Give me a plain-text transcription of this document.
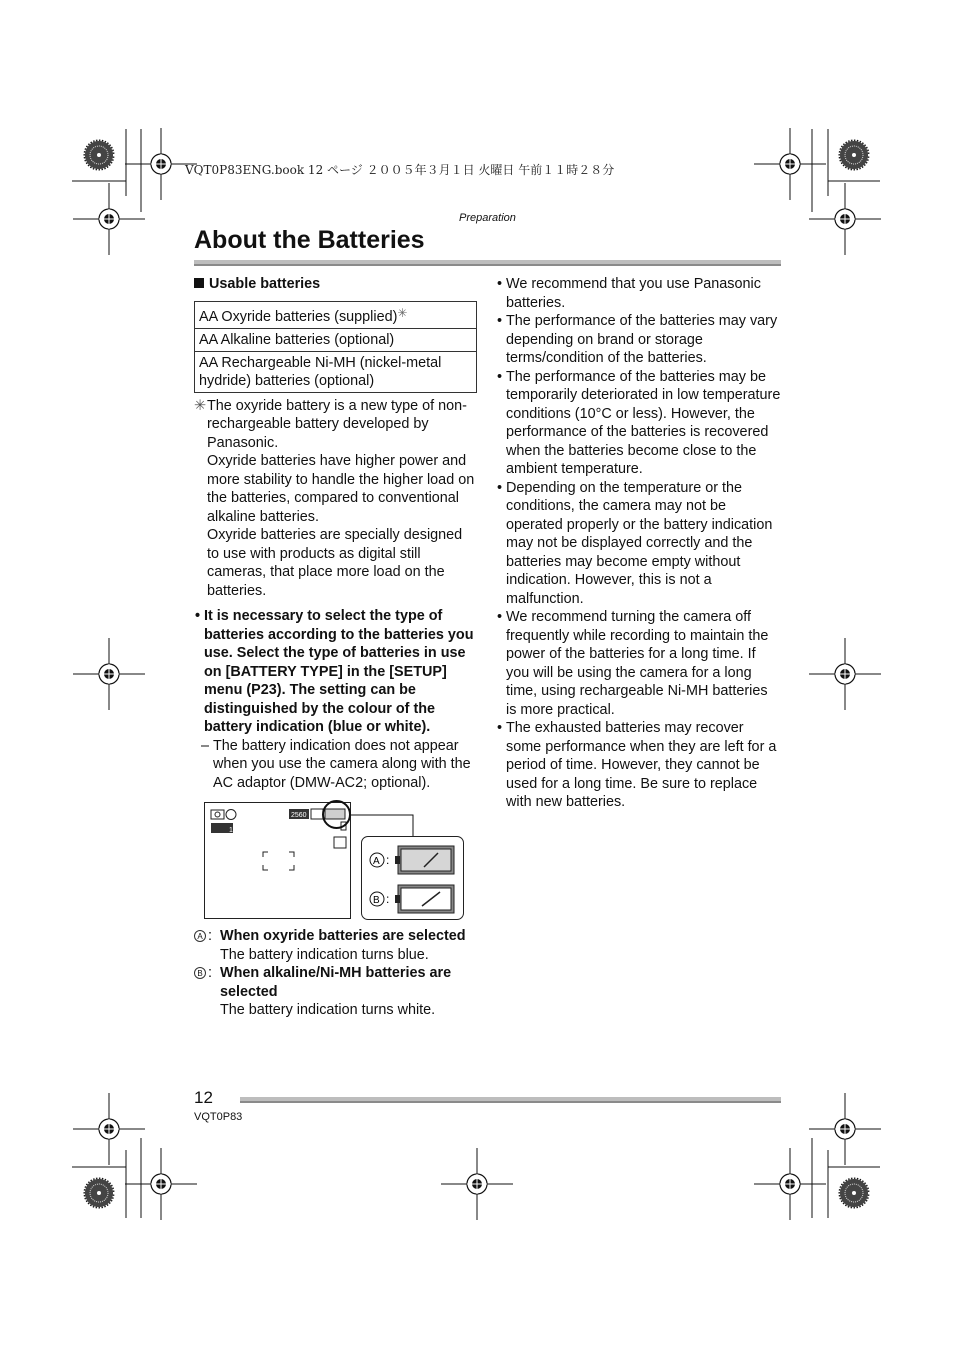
VQT0P83ENG.book 12 ページ ２００５年３月１日 火曜日 午前１１時２８分
Preparation
About the Batteries
Usable batteries
AA Oxyride batteries (supplied)✳
AA Alkaline batteries (optional)
AA Rechargeable Ni-MH (nickel-metal hydride) batteries (optional)
✳ The oxyride battery is a new type of non-rechargeable battery developed by Panasonic.

Oxyride batteries have higher power and more stability to handle the higher load on the batteries, compared to conventional alkaline batteries.

Oxyride batteries are specially designed to use with products as digital still cameras, that place more load on the batteries.

• It is necessary to select the type of batteries according to the batteries you use. Select the type of batteries in use on [BATTERY TYPE] in the [SETUP] menu (P23). The setting can be distinguished by the colour of the battery indication (blue or white).
– The battery indication does not appear when you use the camera along with the AC adaptor (DMW-AC2; optional).
2560
1
A :
B :
A : When oxyride batteries are selected
The battery indication turns blue.
B : When alkaline/Ni-MH batteries are selected
The battery indication turns white.
• We recommend that you use Panasonic batteries.
• The performance of the batteries may vary depending on brand or storage terms/condition of the batteries.
• The performance of the batteries may be temporarily deteriorated in low temperature conditions (10°C or less). However, the performance of the batteries is recovered when the batteries become close to the ambient temperature.
• Depending on the temperature or the conditions, the camera may not be operated properly or the battery indication may not be displayed correctly and the batteries may become empty without indication. However, this is not a malfunction.
• We recommend turning the camera off frequently while recording to maintain the power of the batteries for a long time. If you will be using the camera for a long time, using rechargeable Ni-MH batteries is more practical.
• The exhausted batteries may recover some performance when they are left for a period of time. However, they cannot be used for a long time. Be sure to replace with new batteries.
12
VQT0P83
